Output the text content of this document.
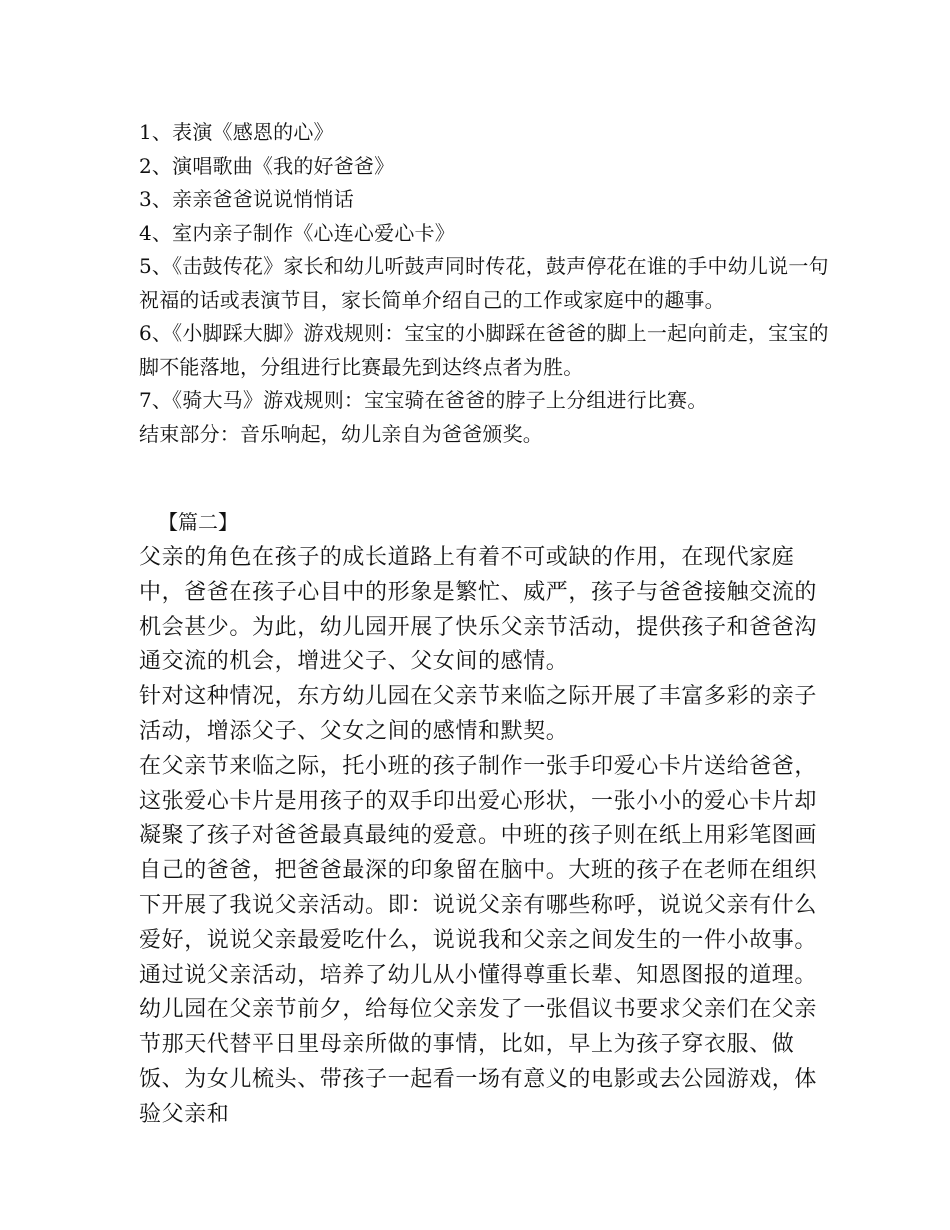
1、表演《感恩的心》

2、演唱歌曲《我的好爸爸》

3、亲亲爸爸说说悄悄话

4、室内亲子制作《心连心爱心卡》

5、《击鼓传花》家长和幼儿听鼓声同时传花，鼓声停花在谁的手中幼儿说一句祝福的话或表演节目，家长简单介绍自己的工作或家庭中的趣事。

6、《小脚踩大脚》游戏规则：宝宝的小脚踩在爸爸的脚上一起向前走，宝宝的脚不能落地，分组进行比赛最先到达终点者为胜。

7、《骑大马》游戏规则：宝宝骑在爸爸的脖子上分组进行比赛。

结束部分：音乐响起，幼儿亲自为爸爸颁奖。

【篇二】

父亲的角色在孩子的成长道路上有着不可或缺的作用，在现代家庭中，爸爸在孩子心目中的形象是繁忙、威严，孩子与爸爸接触交流的机会甚少。为此，幼儿园开展了快乐父亲节活动，提供孩子和爸爸沟通交流的机会，增进父子、父女间的感情。

针对这种情况，东方幼儿园在父亲节来临之际开展了丰富多彩的亲子活动，增添父子、父女之间的感情和默契。

在父亲节来临之际，托小班的孩子制作一张手印爱心卡片送给爸爸，这张爱心卡片是用孩子的双手印出爱心形状，一张小小的爱心卡片却凝聚了孩子对爸爸最真最纯的爱意。中班的孩子则在纸上用彩笔图画自己的爸爸，把爸爸最深的印象留在脑中。大班的孩子在老师在组织下开展了我说父亲活动。即：说说父亲有哪些称呼，说说父亲有什么爱好，说说父亲最爱吃什么，说说我和父亲之间发生的一件小故事。通过说父亲活动，培养了幼儿从小懂得尊重长辈、知恩图报的道理。

幼儿园在父亲节前夕，给每位父亲发了一张倡议书要求父亲们在父亲节那天代替平日里母亲所做的事情，比如，早上为孩子穿衣服、做饭、为女儿梳头、带孩子一起看一场有意义的电影或去公园游戏，体验父亲和
